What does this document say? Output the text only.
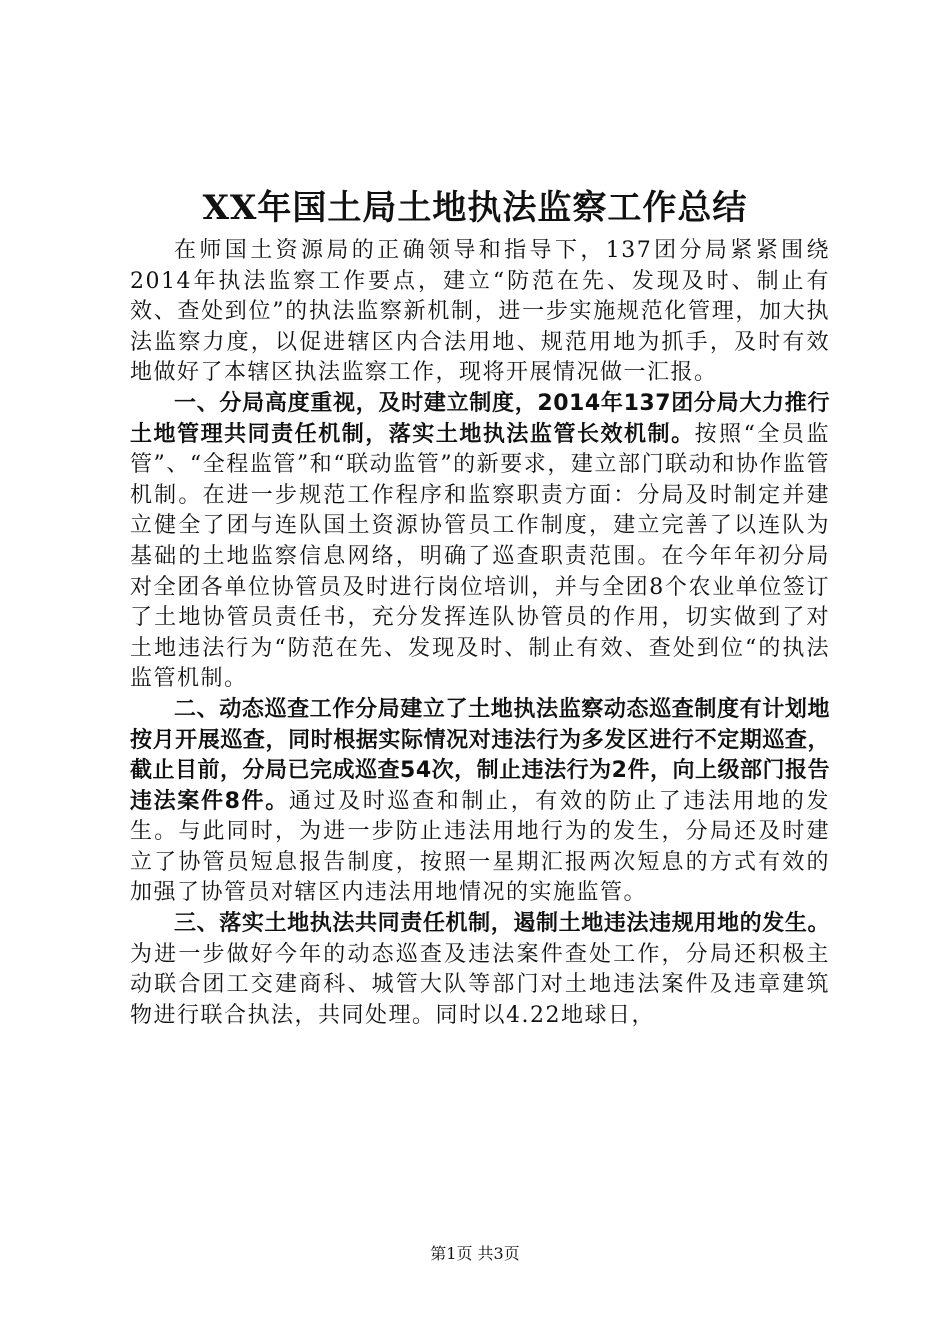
XX年国土局土地执法监察工作总结

在师国土资源局的正确领导和指导下，137团分局紧紧围绕2014年执法监察工作要点，建立“防范在先、发现及时、制止有效、查处到位”的执法监察新机制，进一步实施规范化管理，加大执法监察力度，以促进辖区内合法用地、规范用地为抓手，及时有效地做好了本辖区执法监察工作，现将开展情况做一汇报。

一、分局高度重视，及时建立制度，2014年137团分局大力推行土地管理共同责任机制，落实土地执法监管长效机制。按照“全员监管”、“全程监管”和“联动监管”的新要求，建立部门联动和协作监管机制。在进一步规范工作程序和监察职责方面：分局及时制定并建立健全了团与连队国土资源协管员工作制度，建立完善了以连队为基础的土地监察信息网络，明确了巡查职责范围。在今年年初分局对全团各单位协管员及时进行岗位培训，并与全团8个农业单位签订了土地协管员责任书，充分发挥连队协管员的作用，切实做到了对土地违法行为“防范在先、发现及时、制止有效、查处到位“的执法监管机制。

二、动态巡查工作分局建立了土地执法监察动态巡查制度有计划地按月开展巡查，同时根据实际情况对违法行为多发区进行不定期巡查，截止目前，分局已完成巡查54次，制止违法行为2件，向上级部门报告违法案件8件。通过及时巡查和制止，有效的防止了违法用地的发生。与此同时，为进一步防止违法用地行为的发生，分局还及时建立了协管员短息报告制度，按照一星期汇报两次短息的方式有效的加强了协管员对辖区内违法用地情况的实施监管。

三、落实土地执法共同责任机制，遏制土地违法违规用地的发生。为进一步做好今年的动态巡查及违法案件查处工作，分局还积极主动联合团工交建商科、城管大队等部门对土地违法案件及违章建筑物进行联合执法，共同处理。同时以4.22地球日，

第1页 共3页
